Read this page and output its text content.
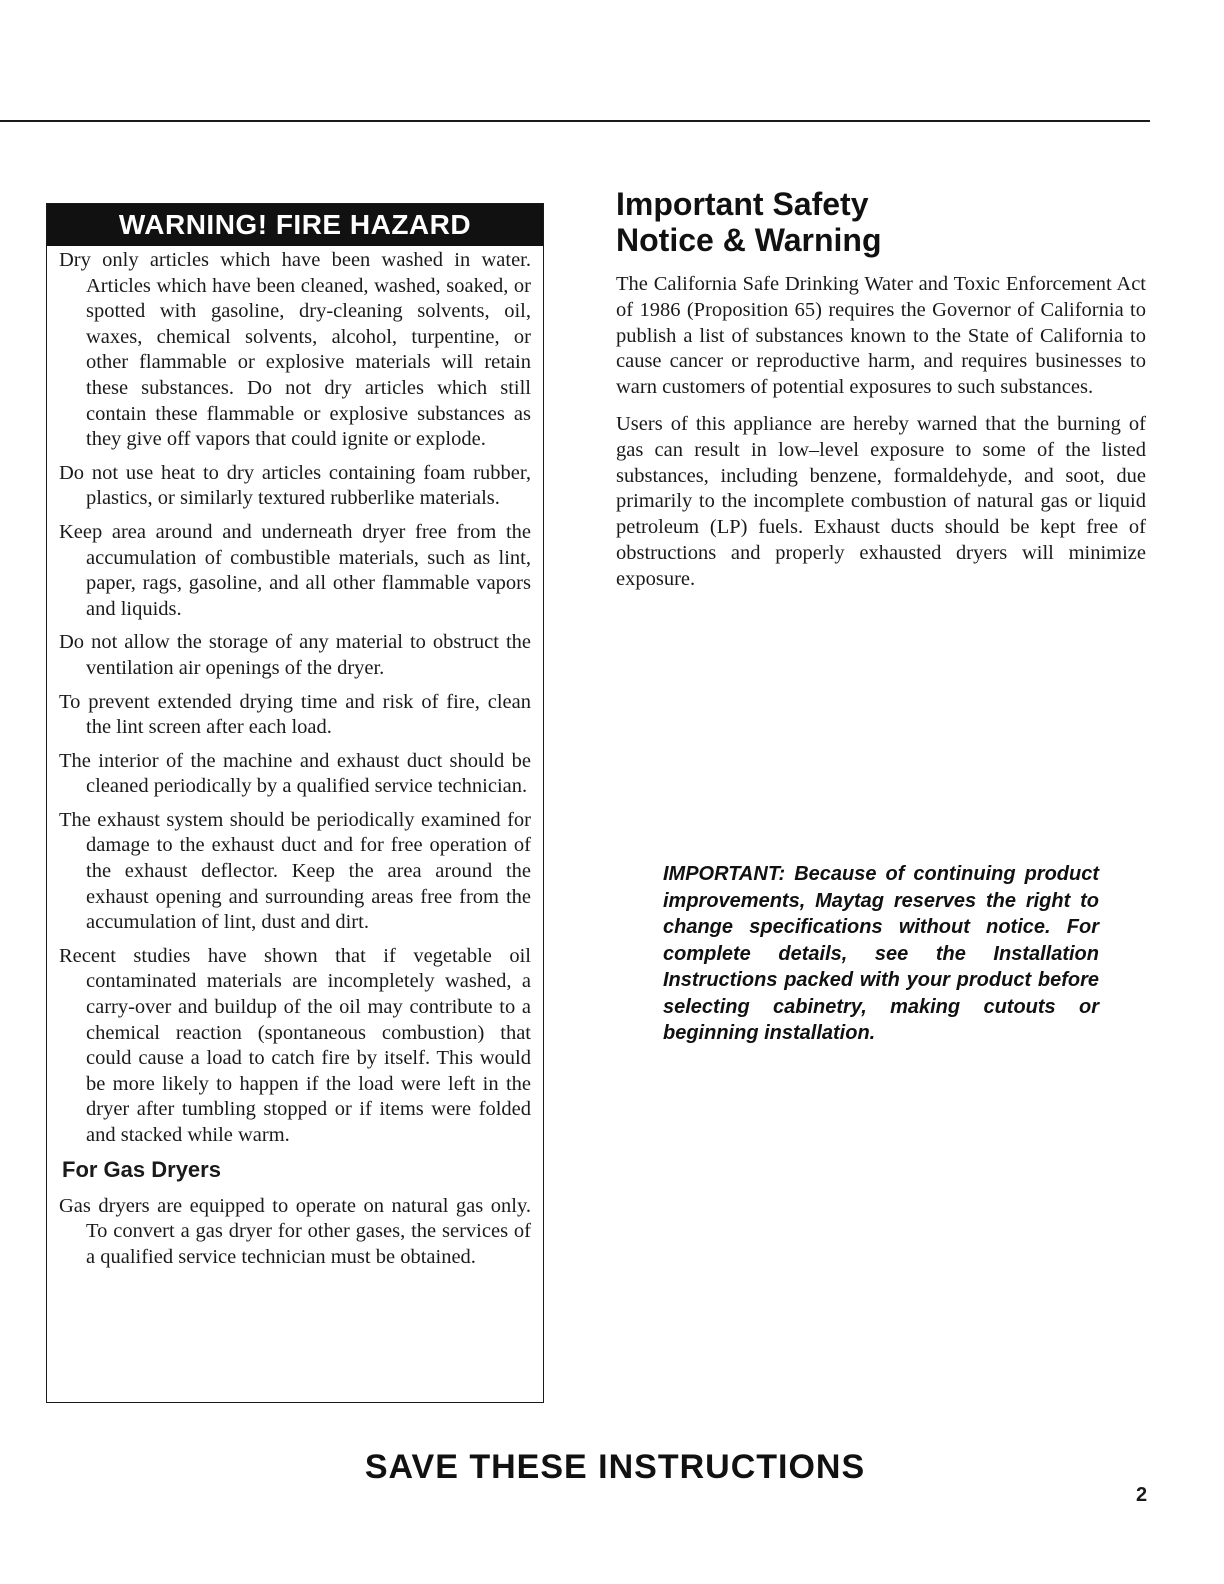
WARNING! FIRE HAZARD

Dry only articles which have been washed in water. Articles which have been cleaned, washed, soaked, or spotted with gasoline, dry-cleaning solvents, oil, waxes, chemical solvents, alcohol, turpentine, or other flammable or explosive materials will retain these substances. Do not dry articles which still contain these flammable or explosive substances as they give off vapors that could ignite or explode.

Do not use heat to dry articles containing foam rubber, plastics, or similarly textured rubberlike materials.

Keep area around and underneath dryer free from the accumulation of combustible materials, such as lint, paper, rags, gasoline, and all other flammable vapors and liquids.

Do not allow the storage of any material to obstruct the ventilation air openings of the dryer.

To prevent extended drying time and risk of fire, clean the lint screen after each load.

The interior of the machine and exhaust duct should be cleaned periodically by a qualified service technician.

The exhaust system should be periodically examined for damage to the exhaust duct and for free operation of the exhaust deflector. Keep the area around the exhaust opening and surrounding areas free from the accumulation of lint, dust and dirt.

Recent studies have shown that if vegetable oil contaminated materials are incompletely washed, a carry-over and buildup of the oil may contribute to a chemical reaction (spontaneous combustion) that could cause a load to catch fire by itself. This would be more likely to happen if the load were left in the dryer after tumbling stopped or if items were folded and stacked while warm.

For Gas Dryers

Gas dryers are equipped to operate on natural gas only. To convert a gas dryer for other gases, the services of a qualified service technician must be obtained.

Important Safety
Notice & Warning

The California Safe Drinking Water and Toxic Enforcement Act of 1986 (Proposition 65) requires the Governor of California to publish a list of substances known to the State of California to cause cancer or reproductive harm, and requires businesses to warn customers of potential exposures to such substances.

Users of this appliance are hereby warned that the burning of gas can result in low–level exposure to some of the listed substances, including benzene, formaldehyde, and soot, due primarily to the incomplete combustion of natural gas or liquid petroleum (LP) fuels. Exhaust ducts should be kept free of obstructions and properly exhausted dryers will minimize exposure.

IMPORTANT: Because of continuing product improvements, Maytag reserves the right to change specifications without notice. For complete details, see the Installation Instructions packed with your product before selecting cabinetry, making cutouts or beginning installation.
SAVE THESE INSTRUCTIONS
2
